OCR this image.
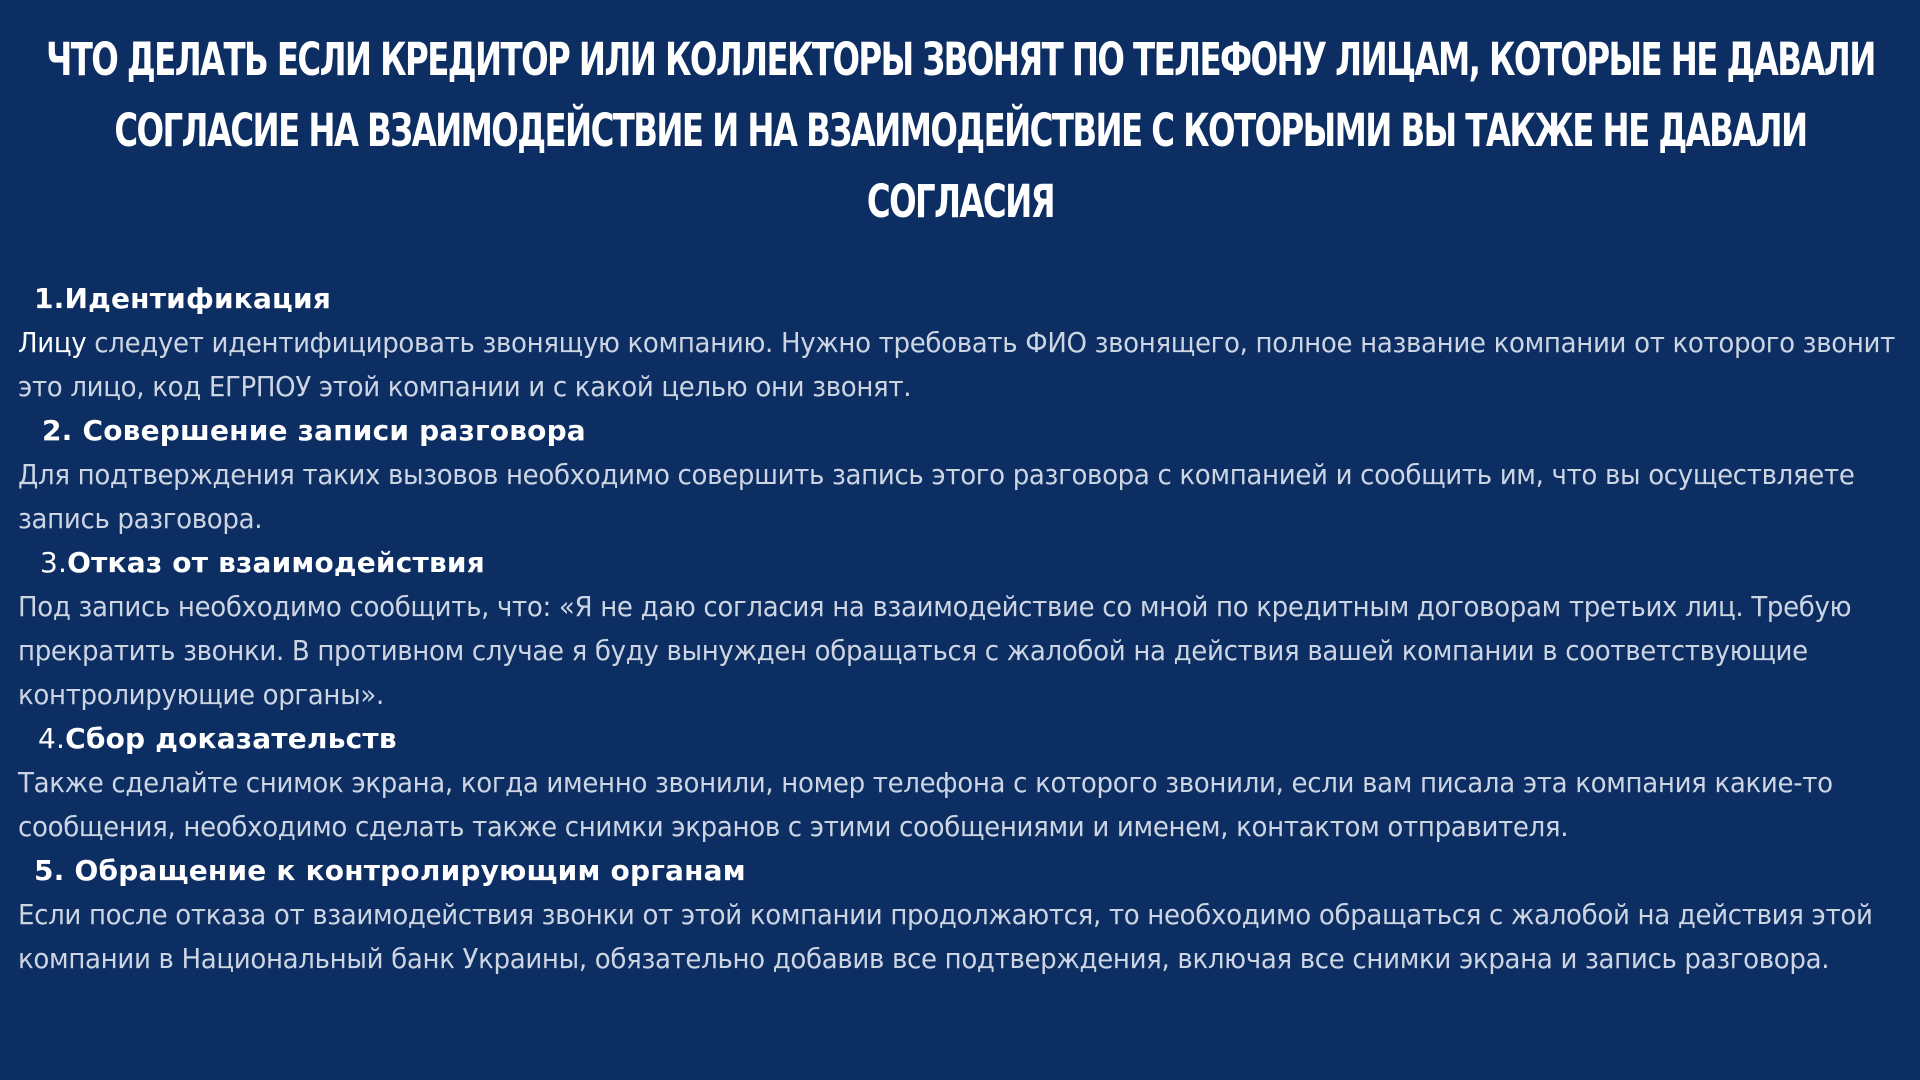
ЧТО ДЕЛАТЬ ЕСЛИ КРЕДИТОР ИЛИ КОЛЛЕКТОРЫ ЗВОНЯТ ПО ТЕЛЕФОНУ ЛИЦАМ, КОТОРЫЕ НЕ ДАВАЛИ
СОГЛАСИЕ НА ВЗАИМОДЕЙСТВИЕ И НА ВЗАИМОДЕЙСТВИЕ С КОТОРЫМИ ВЫ ТАКЖЕ НЕ ДАВАЛИ СОГЛАСИЯ
1.Идентификация

Лицу следует идентифицировать звонящую компанию. Нужно требовать ФИО звонящего, полное название компании от которого звонит это лицо, код ЕГРПОУ этой компании и с какой целью они звонят.

2. Совершение записи разговора

Для подтверждения таких вызовов необходимо совершить запись этого разговора с компанией и сообщить им, что вы осуществляете запись разговора.

3.Отказ от взаимодействия

Под запись необходимо сообщить, что: «Я не даю согласия на взаимодействие со мной по кредитным договорам третьих лиц. Требую прекратить звонки. В противном случае я буду вынужден обращаться с жалобой на действия вашей компании в соответствующие контролирующие органы».

4.Сбор доказательств

Также сделайте снимок экрана, когда именно звонили, номер телефона с которого звонили, если вам писала эта компания какие-то сообщения, необходимо сделать также снимки экранов с этими сообщениями и именем, контактом отправителя.

5. Обращение к контролирующим органам

Если после отказа от взаимодействия звонки от этой компании продолжаются, то необходимо обращаться с жалобой на действия этой компании в Национальный банк Украины, обязательно добавив все подтверждения, включая все снимки экрана и запись разговора.
